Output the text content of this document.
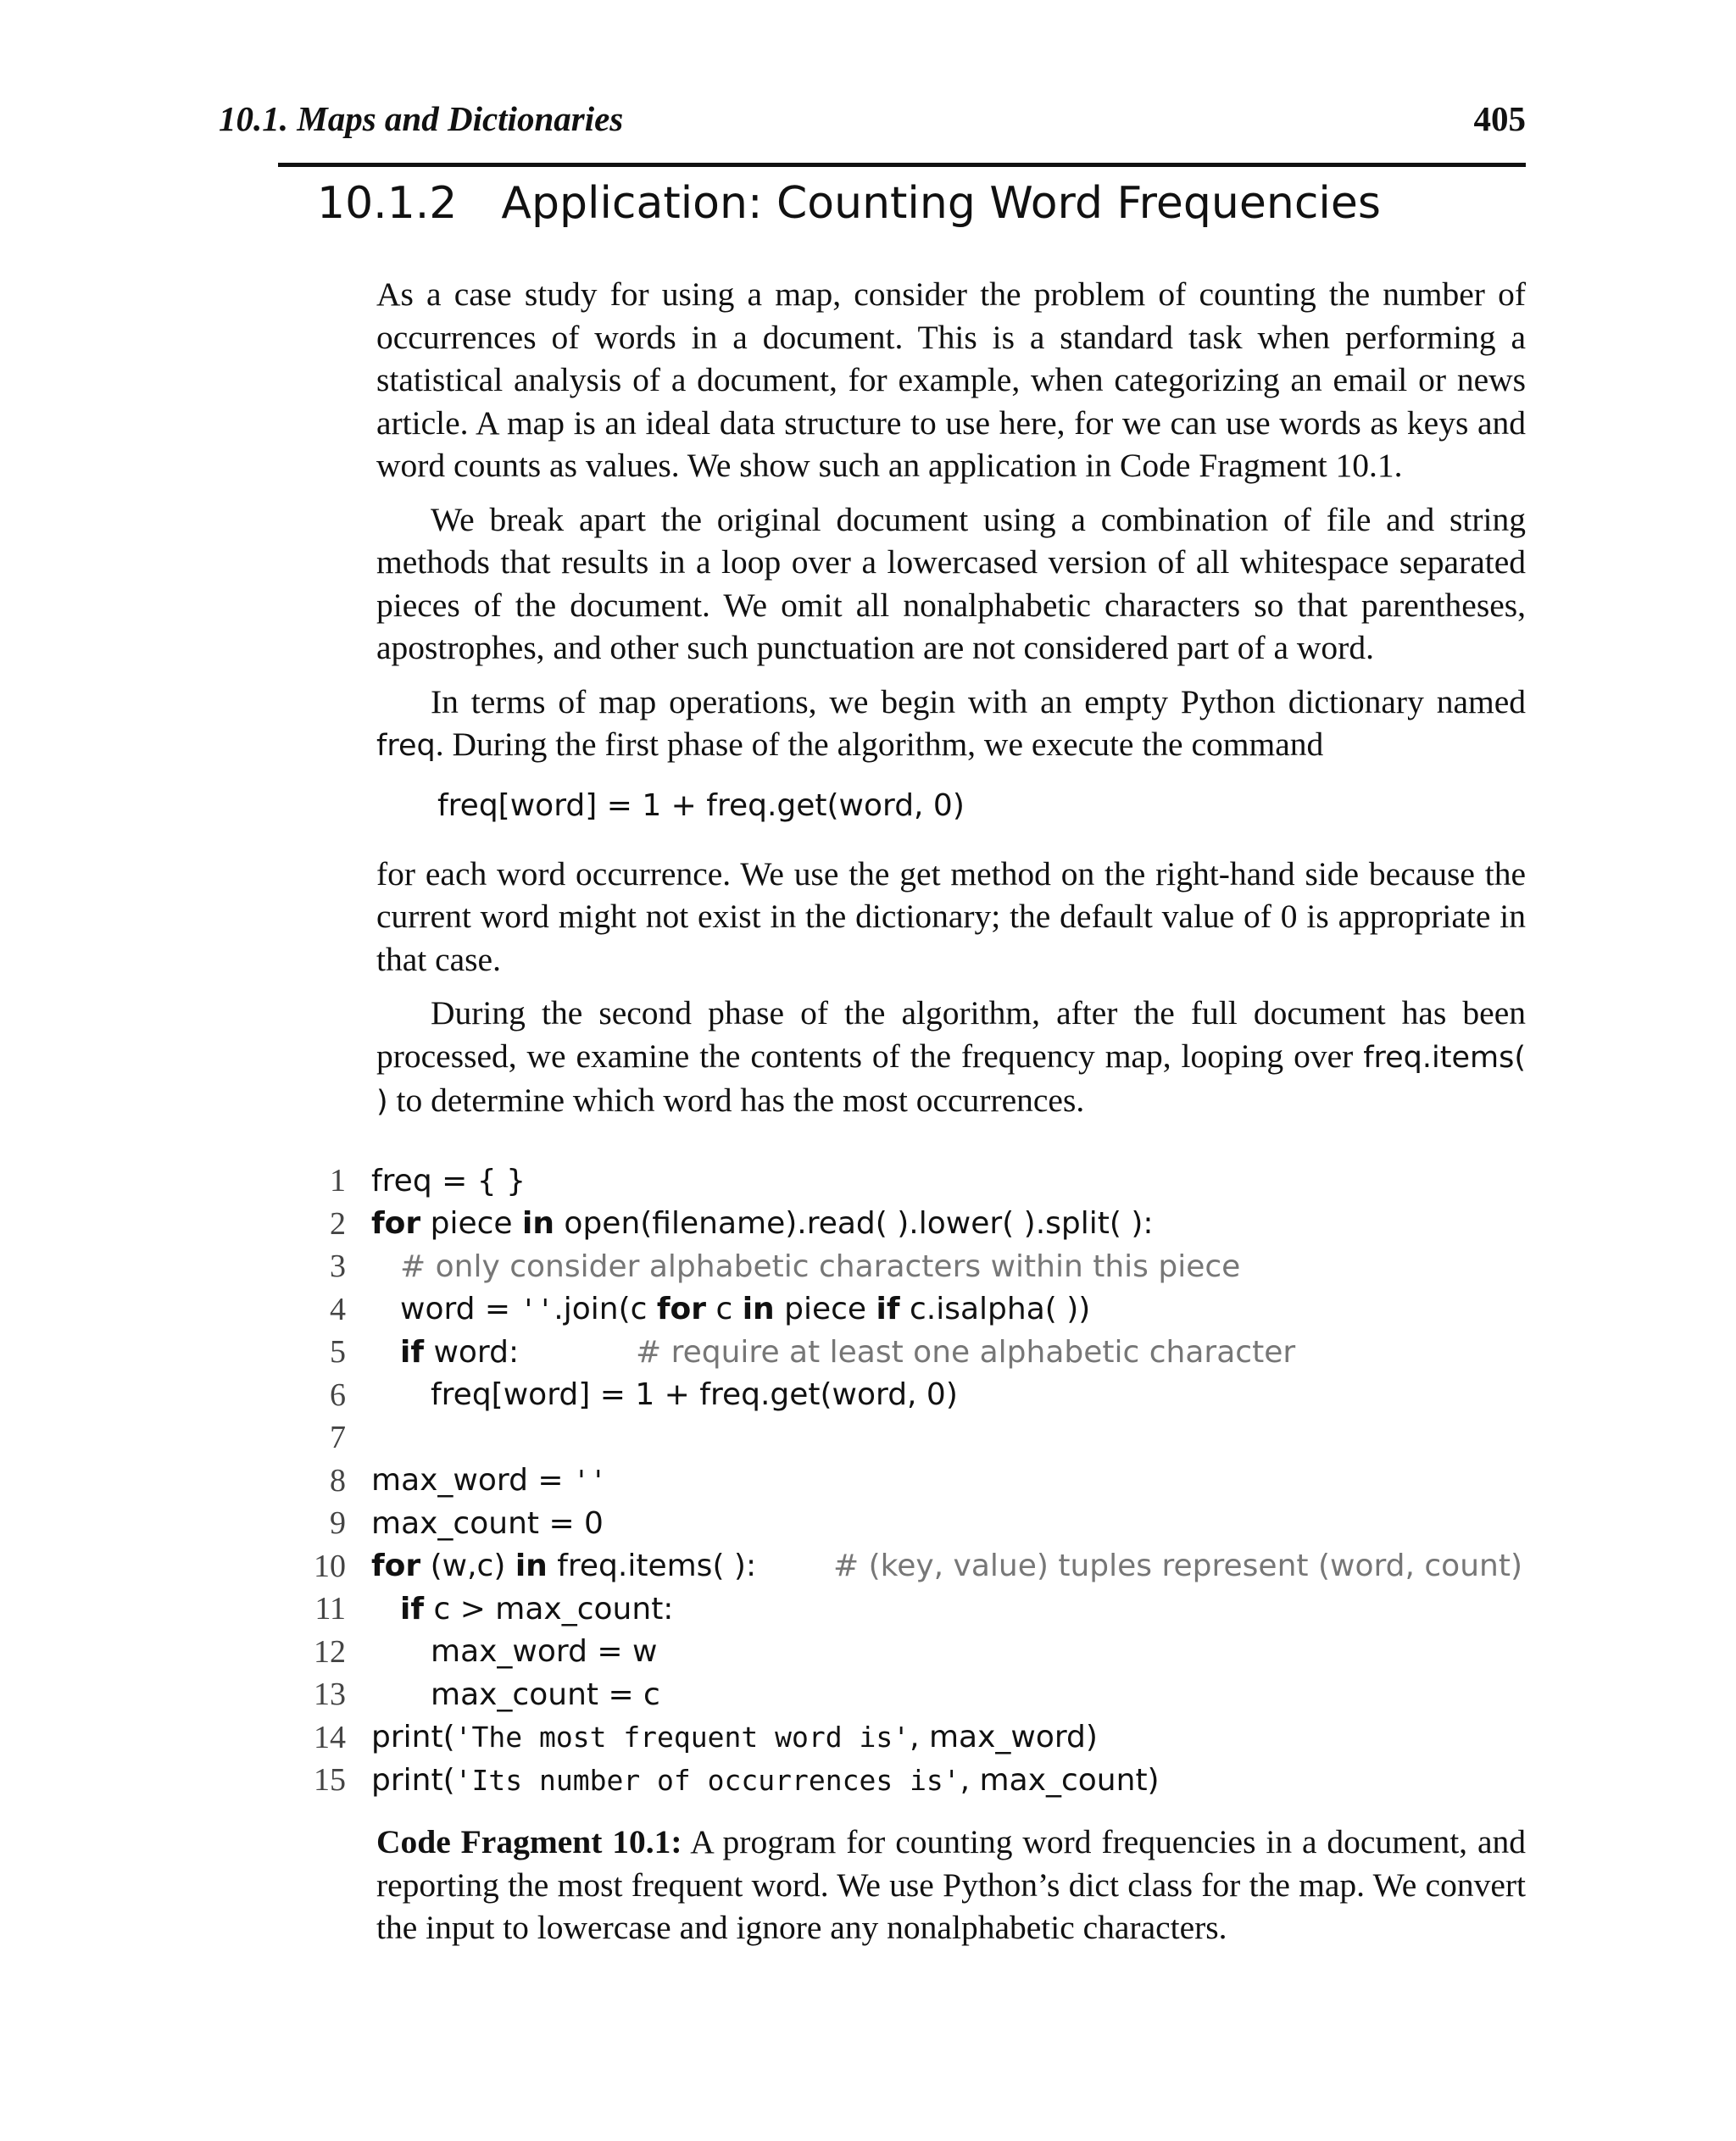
10.1. Maps and Dictionaries	405
10.1.2 Application: Counting Word Frequencies

As a case study for using a map, consider the problem of counting the number of occurrences of words in a document. This is a standard task when performing a statistical analysis of a document, for example, when categorizing an email or news article. A map is an ideal data structure to use here, for we can use words as keys and word counts as values. We show such an application in Code Fragment 10.1.

We break apart the original document using a combination of file and string methods that results in a loop over a lowercased version of all whitespace separated pieces of the document. We omit all nonalphabetic characters so that parentheses, apostrophes, and other such punctuation are not considered part of a word.

In terms of map operations, we begin with an empty Python dictionary named freq. During the first phase of the algorithm, we execute the command

freq[word] = 1 + freq.get(word, 0)

for each word occurrence. We use the get method on the right-hand side because the current word might not exist in the dictionary; the default value of 0 is appropriate in that case.

During the second phase of the algorithm, after the full document has been processed, we examine the contents of the frequency map, looping over freq.items( ) to determine which word has the most occurrences.

1 freq = { }
2 for piece in open(filename).read( ).lower( ).split( ):
3	# only consider alphabetic characters within this piece
4	word = ''.join(c for c in piece if c.isalpha( ))
5	if word:	# require at least one alphabetic character
6	freq[word] = 1 + freq.get(word, 0)
7
8 max_word = ''
9 max_count = 0
10 for (w,c) in freq.items( ):	# (key, value) tuples represent (word, count)
11	if c > max_count:
12	max_word = w
13	max_count = c
14 print('The most frequent word is', max_word)
15 print('Its number of occurrences is', max_count)
Code Fragment 10.1: A program for counting word frequencies in a document, and reporting the most frequent word. We use Python’s dict class for the map. We convert the input to lowercase and ignore any nonalphabetic characters.
